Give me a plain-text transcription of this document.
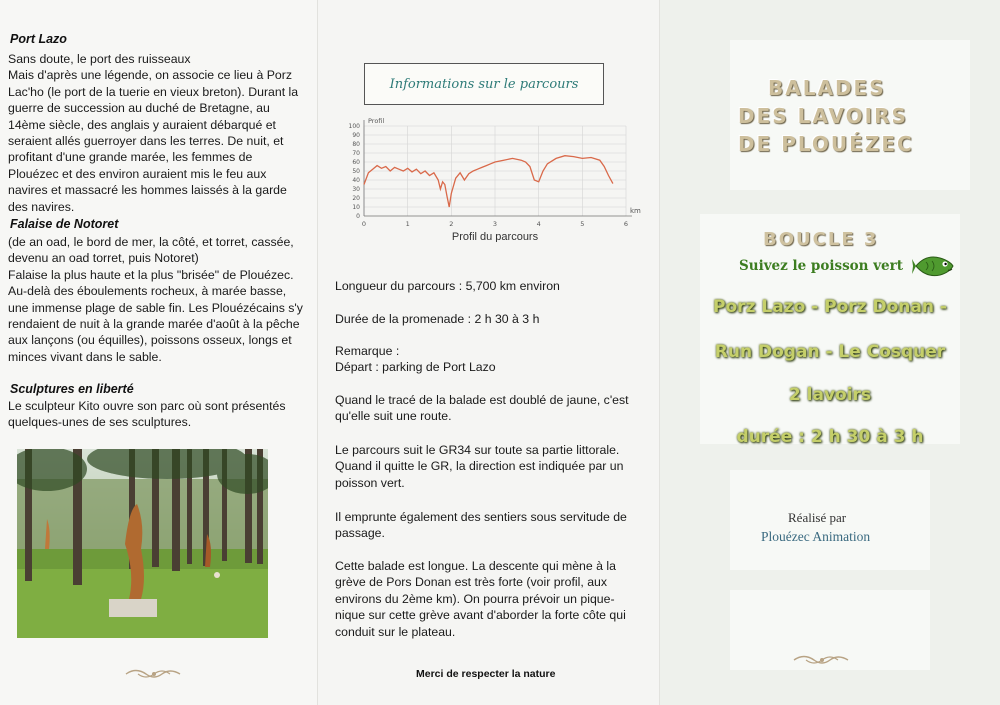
Port Lazo
Sans doute, le port des ruisseaux
Mais d'après une légende, on associe ce lieu à Porz Lac'ho (le port de la tuerie en vieux breton). Durant la guerre de succession au duché de Bretagne, au 14ème siècle, des anglais y auraient débarqué et seraient allés guerroyer dans les terres. De nuit, et profitant d'une grande marée, les femmes de Plouézec et des environ auraient mis le feu aux navires et massacré les hommes laissés à la garde des navires.
Falaise de Notoret
(de an oad, le bord de mer, la côté, et torret, cassée, devenu an oad torret, puis Notoret)
Falaise la plus haute et la plus "brisée" de Plouézec. Au-delà des éboulements rocheux, à marée basse, une immense plage de sable fin. Les Plouézécains s'y rendaient de nuit à la grande marée d'août à la pêche aux lançons (ou équilles), poissons osseux, longs et minces vivant dans le sable.
Sculptures en liberté
Le sculpteur Kito ouvre son parc où sont présentés quelques-unes de ses sculptures.
Informations sur le parcours
0
10
20
30
40
50
60
70
80
90
100
0	1	2	3	4	5	6
Profil
km
Profil du parcours
Longueur du parcours : 5,700 km environ
Durée de la promenade : 2 h 30 à 3 h
Remarque :
Départ : parking de Port Lazo
Quand le tracé de la balade est doublé de jaune, c'est qu'elle suit une route.
Le parcours suit le GR34 sur toute sa partie littorale. Quand il quitte le GR, la direction est indiquée par un poisson vert.
Il emprunte également des sentiers sous servitude de passage.
Cette balade est longue. La descente qui mène à la grève de Pors Donan est très forte (voir profil, aux environs du 2ème km). On pourra prévoir un pique-nique sur cette grève avant d'aborder la forte côte qui conduit sur le plateau.
Merci de respecter la nature
BALADES
DES LAVOIRS
DE PLOUÉZEC
BOUCLE 3
Suivez le poisson vert
Porz Lazo - Porz Donan -
Run Dogan - Le Cosquer
2 lavoirs
durée : 2 h 30 à 3 h
Réalisé par
Plouézec Animation
